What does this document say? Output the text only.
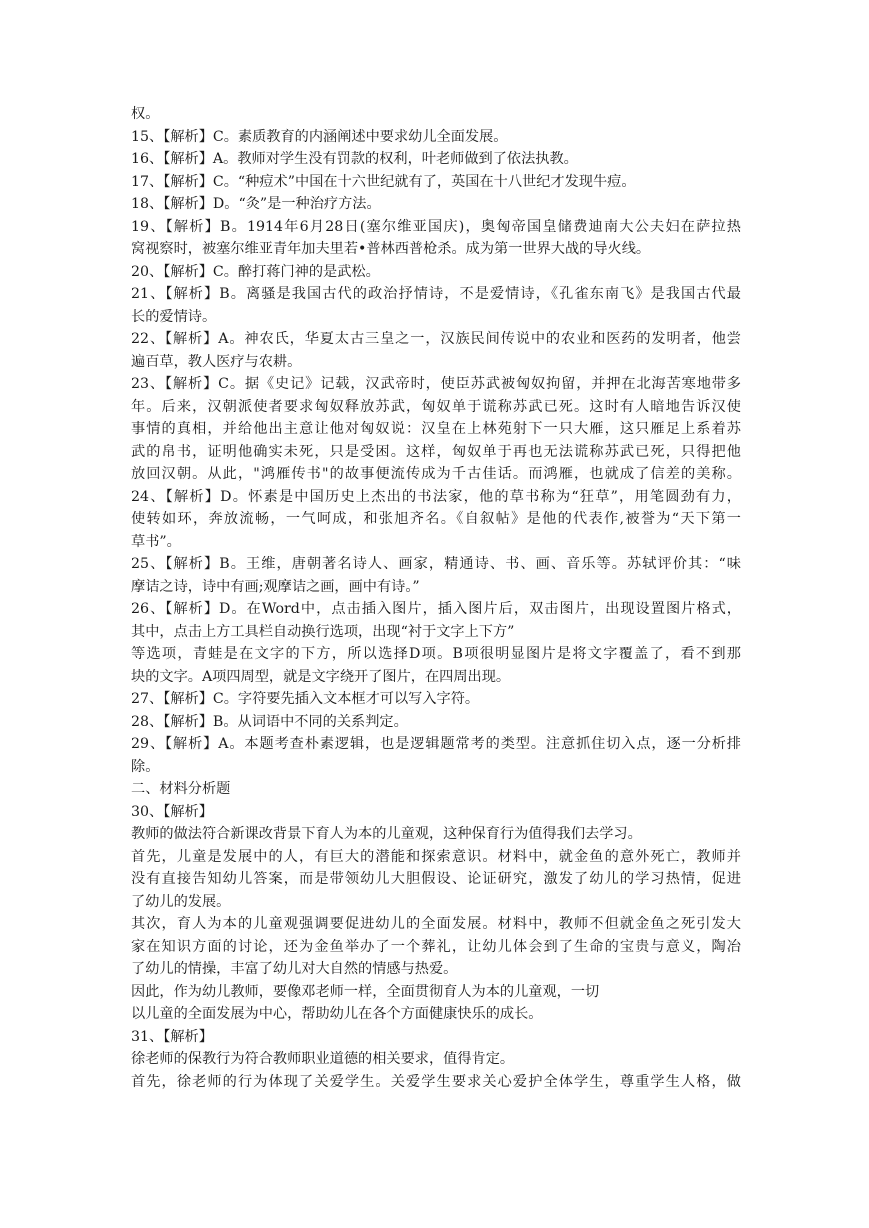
权。
15、【解析】C。素质教育的内涵阐述中要求幼儿全面发展。
16、【解析】A。教师对学生没有罚款的权利，叶老师做到了依法执教。
17、【解析】C。“种痘术”中国在十六世纪就有了，英国在十八世纪才发现牛痘。
18、【解析】D。“灸”是一种治疗方法。
19、【解析】B。1914年6月28日(塞尔维亚国庆)，奥匈帝国皇储费迪南大公夫妇在萨拉热
窝视察时，被塞尔维亚青年加夫里若•普林西普枪杀。成为第一世界大战的导火线。
20、【解析】C。醉打蒋门神的是武松。
21、【解析】B。离骚是我国古代的政治抒情诗，不是爱情诗，《孔雀东南飞》是我国古代最
长的爱情诗。
22、【解析】A。神农氏，华夏太古三皇之一，汉族民间传说中的农业和医药的发明者，他尝
遍百草，教人医疗与农耕。
23、【解析】C。据《史记》记载，汉武帝时，使臣苏武被匈奴拘留，并押在北海苦寒地带多
年。后来，汉朝派使者要求匈奴释放苏武，匈奴单于谎称苏武已死。这时有人暗地告诉汉使
事情的真相，并给他出主意让他对匈奴说：汉皇在上林苑射下一只大雁，这只雁足上系着苏
武的帛书，证明他确实未死，只是受困。这样，匈奴单于再也无法谎称苏武已死，只得把他
放回汉朝。从此，"鸿雁传书"的故事便流传成为千古佳话。而鸿雁，也就成了信差的美称。
24、【解析】D。怀素是中国历史上杰出的书法家，他的草书称为“狂草”，用笔圆劲有力，
使转如环，奔放流畅，一气呵成，和张旭齐名。《自叙帖》是他的代表作,被誉为“天下第一
草书”。
25、【解析】B。王维，唐朝著名诗人、画家，精通诗、书、画、音乐等。苏轼评价其：“味
摩诘之诗，诗中有画;观摩诘之画，画中有诗。”
26、【解析】D。在Word中，点击插入图片，插入图片后，双击图片，出现设置图片格式，
其中，点击上方工具栏自动换行选项，出现“衬于文字上下方”
等选项，青蛙是在文字的下方，所以选择D项。B项很明显图片是将文字覆盖了，看不到那
块的文字。A项四周型，就是文字绕开了图片，在四周出现。
27、【解析】C。字符要先插入文本框才可以写入字符。
28、【解析】B。从词语中不同的关系判定。
29、【解析】A。本题考查朴素逻辑，也是逻辑题常考的类型。注意抓住切入点，逐一分析排
除。
二、材料分析题
30、【解析】
教师的做法符合新课改背景下育人为本的儿童观，这种保育行为值得我们去学习。
首先，儿童是发展中的人，有巨大的潜能和探索意识。材料中，就金鱼的意外死亡，教师并
没有直接告知幼儿答案，而是带领幼儿大胆假设、论证研究，激发了幼儿的学习热情，促进
了幼儿的发展。
其次，育人为本的儿童观强调要促进幼儿的全面发展。材料中，教师不但就金鱼之死引发大
家在知识方面的讨论，还为金鱼举办了一个葬礼，让幼儿体会到了生命的宝贵与意义，陶冶
了幼儿的情操，丰富了幼儿对大自然的情感与热爱。
因此，作为幼儿教师，要像邓老师一样，全面贯彻育人为本的儿童观，一切
以儿童的全面发展为中心，帮助幼儿在各个方面健康快乐的成长。
31、【解析】
徐老师的保教行为符合教师职业道德的相关要求，值得肯定。
首先，徐老师的行为体现了关爱学生。关爱学生要求关心爱护全体学生，尊重学生人格，做
